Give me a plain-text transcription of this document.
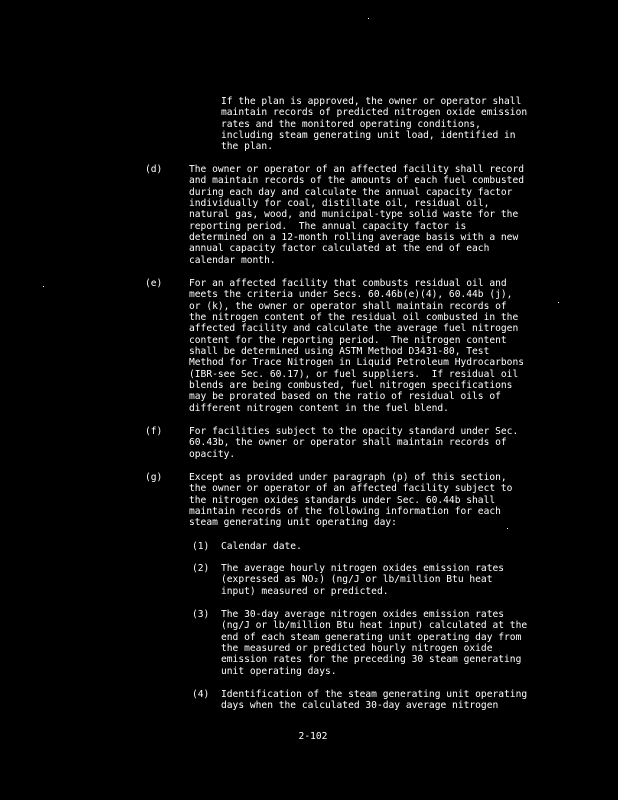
If the plan is approved, the owner or operator shall
maintain records of predicted nitrogen oxide emission
rates and the monitored operating conditions,
including steam generating unit load, identified in
the plan.
(d)	The owner or operator of an affected facility shall record
and maintain records of the amounts of each fuel combusted
during each day and calculate the annual capacity factor
individually for coal, distillate oil, residual oil,
natural gas, wood, and municipal-type solid waste for the
reporting period.  The annual capacity factor is
determined on a 12-month rolling average basis with a new
annual capacity factor calculated at the end of each
calendar month.
(e)	For an affected facility that combusts residual oil and
meets the criteria under Secs. 60.46b(e)(4), 60.44b (j),
or (k), the owner or operator shall maintain records of
the nitrogen content of the residual oil combusted in the
affected facility and calculate the average fuel nitrogen
content for the reporting period.  The nitrogen content
shall be determined using ASTM Method D3431-80, Test
Method for Trace Nitrogen in Liquid Petroleum Hydrocarbons
(IBR-see Sec. 60.17), or fuel suppliers.  If residual oil
blends are being combusted, fuel nitrogen specifications
may be prorated based on the ratio of residual oils of
different nitrogen content in the fuel blend.
(f)	For facilities subject to the opacity standard under Sec.
60.43b, the owner or operator shall maintain records of
opacity.
(g)	Except as provided under paragraph (p) of this section,
the owner or operator of an affected facility subject to
the nitrogen oxides standards under Sec. 60.44b shall
maintain records of the following information for each
steam generating unit operating day:
(1) Calendar date.
(2) The average hourly nitrogen oxides emission rates
(expressed as NO₂) (ng/J or lb/million Btu heat
input) measured or predicted.
(3) The 30-day average nitrogen oxides emission rates
(ng/J or lb/million Btu heat input) calculated at the
end of each steam generating unit operating day from
the measured or predicted hourly nitrogen oxide
emission rates for the preceding 30 steam generating
unit operating days.
(4) Identification of the steam generating unit operating
days when the calculated 30-day average nitrogen
2-102
